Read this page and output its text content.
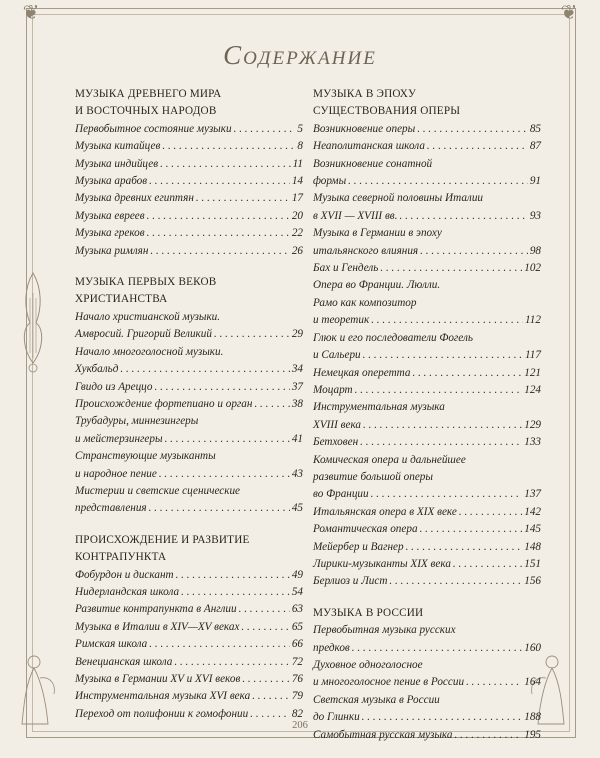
❦	❦
Содержание
МУЗЫКА ДРЕВНЕГО МИРА
И ВОСТОЧНЫХ НАРОДОВ
Первобытное состояние музыки . . .	5
Музыка китайцев . . .	8
Музыка индийцев . . .	11
Музыка арабов . . .	14
Музыка древних египтян . . .	17
Музыка евреев . . .	20
Музыка греков . . .	22
Музыка римлян . . .	26
МУЗЫКА ПЕРВЫХ ВЕКОВ
ХРИСТИАНСТВА
Начало христианской музыки.
Амвросий. Григорий Великий . . .	29
Начало многоголосной музыки.
Хукбальд . . .	34
Гвидо из Ареццо . . .	37
Происхождение фортепиано и орган . . .	38
Трубадуры, миннезингеры
и мейстерзингеры . . .	41
Странствующие музыканты
и народное пение . . .	43
Мистерии и светские сценические
представления . . .	45
ПРОИСХОЖДЕНИЕ И РАЗВИТИЕ
КОНТРАПУНКТА
Фобурдон и дискант . . .	49
Нидерландская школа . . .	54
Развитие контрапункта в Англии . . .	63
Музыка в Италии в XIV—XV веках . . .	65
Римская школа . . .	66
Венецианская школа . . .	72
Музыка в Германии XV и XVI веков . . .	76
Инструментальная музыка XVI века . . .	79
Переход от полифонии к гомофонии . . .	82
МУЗЫКА В ЭПОХУ
СУЩЕСТВОВАНИЯ ОПЕРЫ
Возникновение оперы . . .	85
Неаполитанская школа . . .	87
Возникновение сонатной
формы . . .	91
Музыка северной половины Италии
в XVII — XVIII вв. . . .	93
Музыка в Германии в эпоху
итальянского влияния . . .	98
Бах и Гендель . . .	102
Опера во Франции. Люлли.
Рамо как композитор
и теоретик . . .	112
Глюк и его последователи Фогель
и Сальери . . .	117
Немецкая оперетта . . .	121
Моцарт . . .	124
Инструментальная музыка
XVIII века . . .	129
Бетховен . . .	133
Комическая опера и дальнейшее
развитие большой оперы
во Франции . . .	137
Итальянская опера в XIX веке . . .	142
Романтическая опера . . .	145
Мейербер и Вагнер . . .	148
Лирики-музыканты XIX века . . .	151
Берлиоз и Лист . . .	156
МУЗЫКА В РОССИИ
Первобытная музыка русских
предков . . .	160
Духовное одноголосное
и многоголосное пение в России . . .	164
Светская музыка в России
до Глинки . . .	188
Самобытная русская музыка . . .	195
206
